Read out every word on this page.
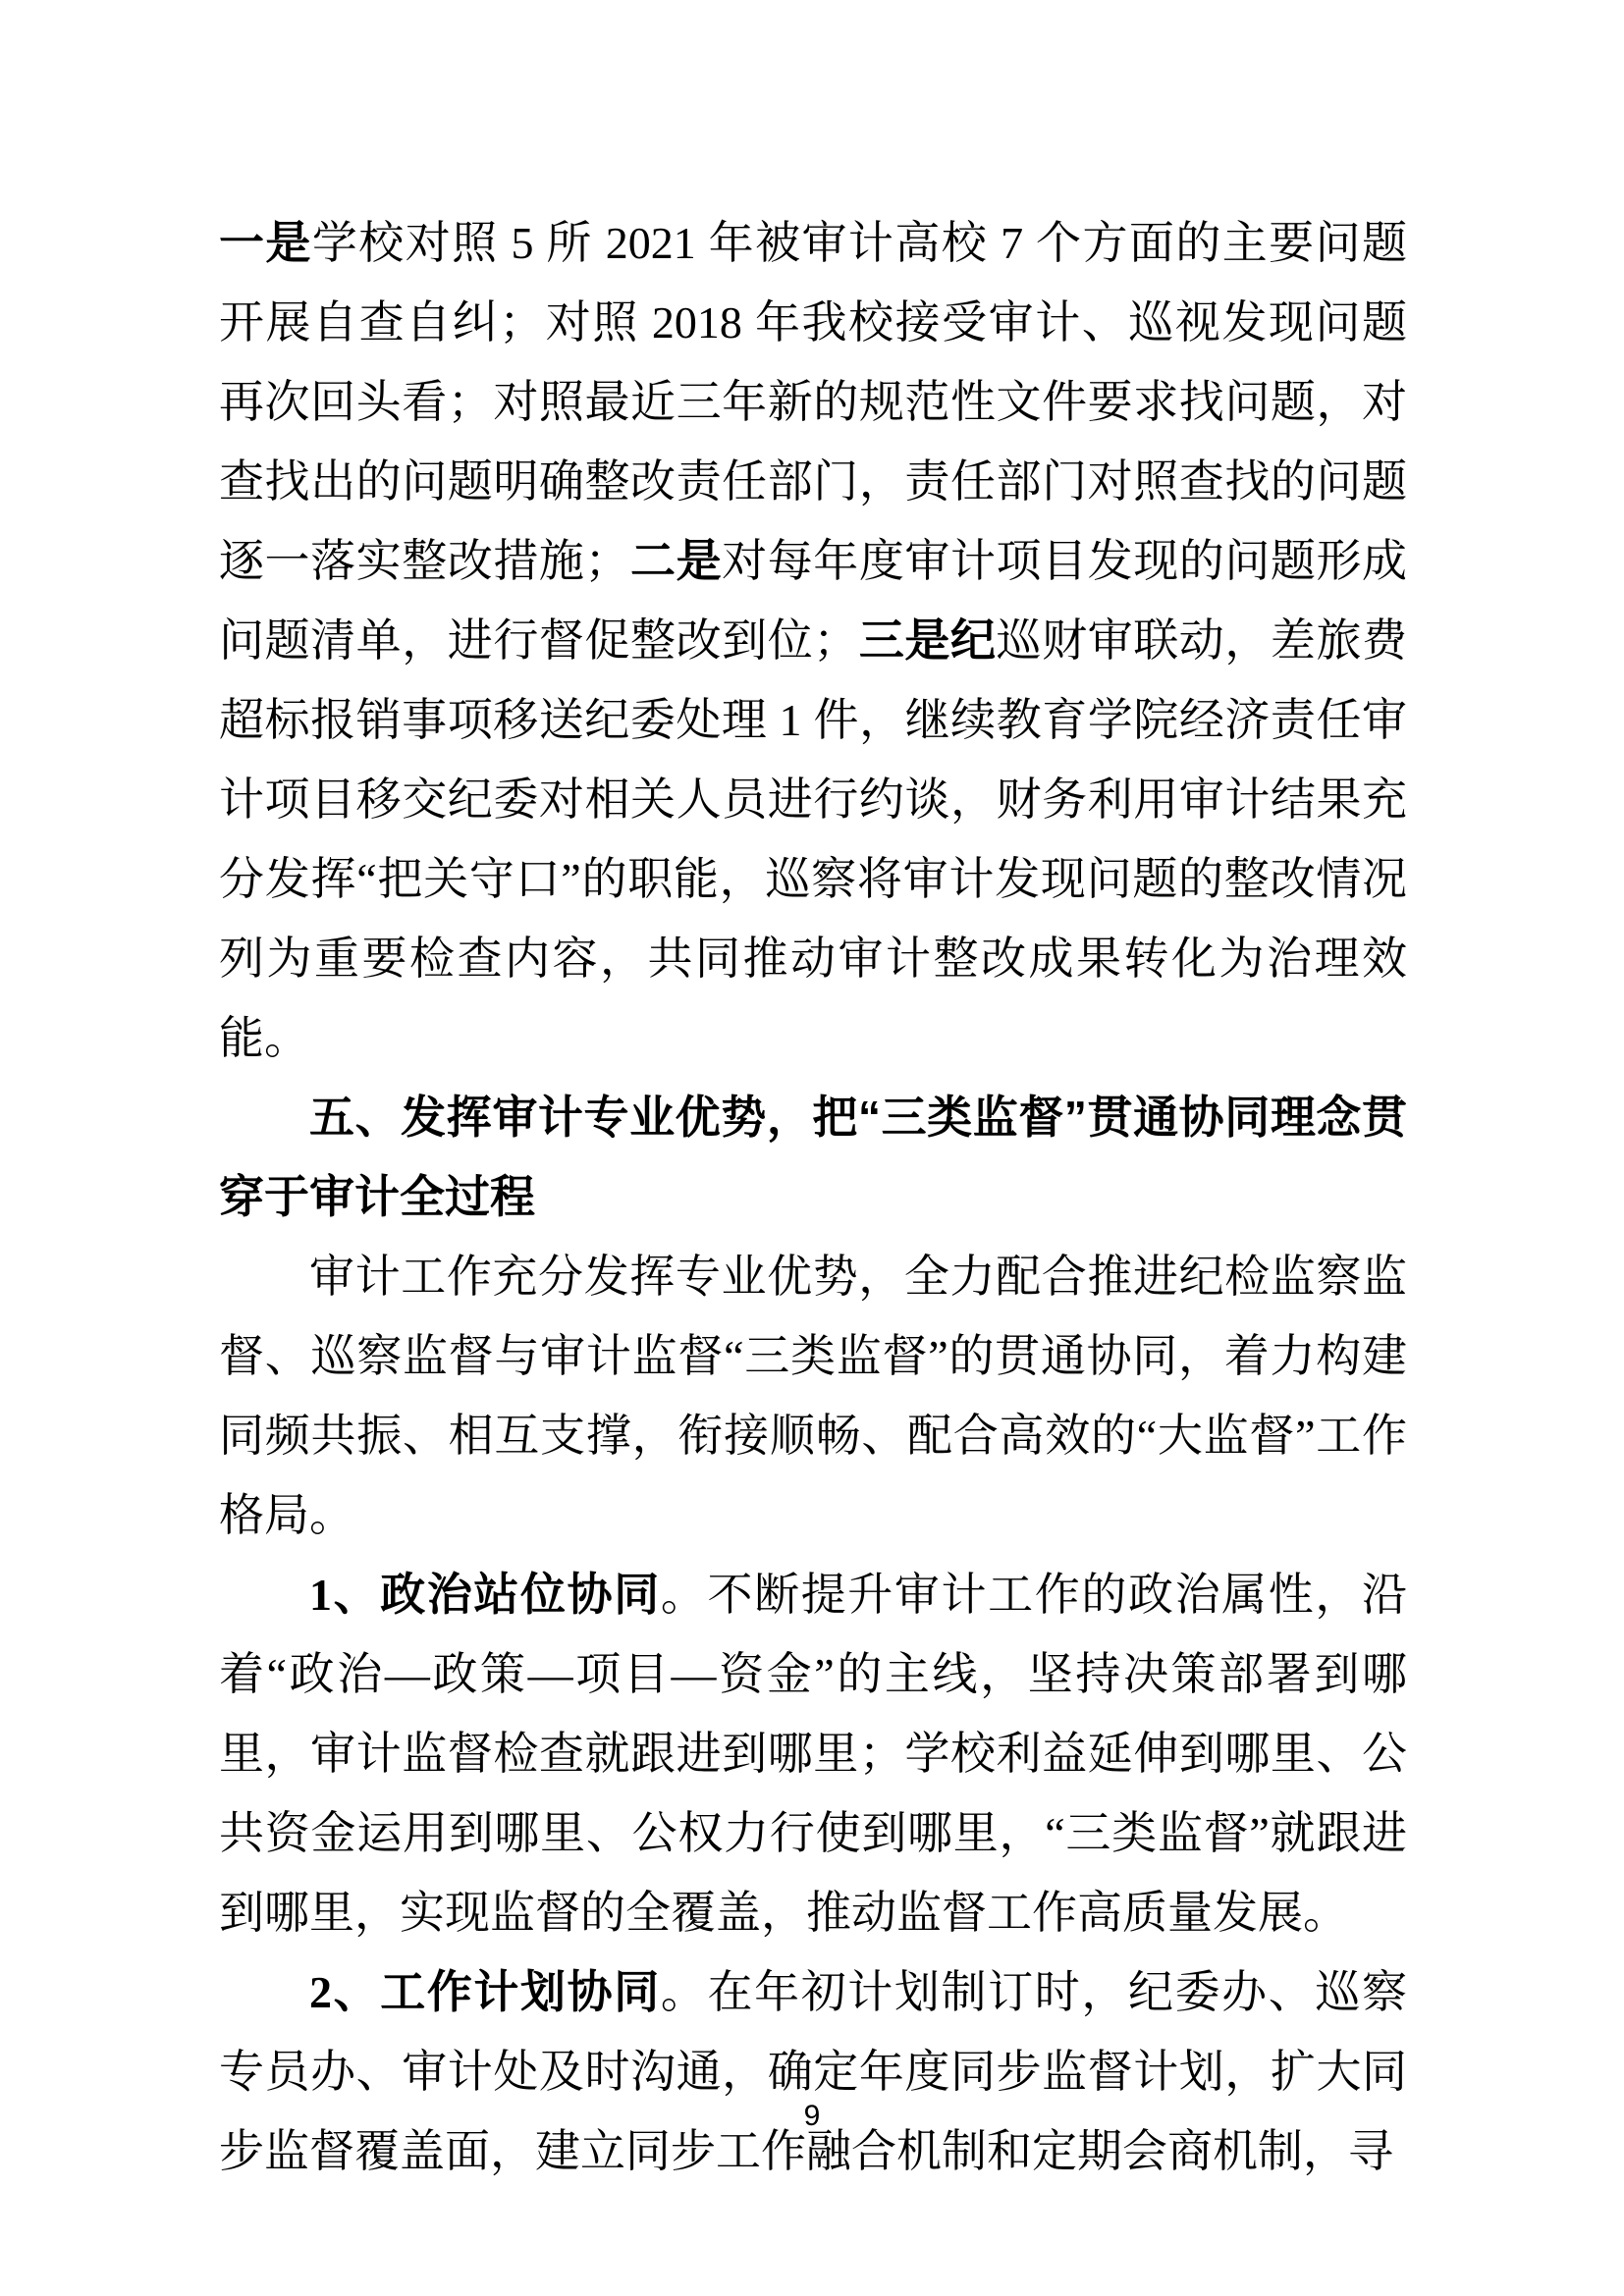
一是学校对照 5 所 2021 年被审计高校 7 个方面的主要问题开展自查自纠；对照 2018 年我校接受审计、巡视发现问题再次回头看；对照最近三年新的规范性文件要求找问题，对查找出的问题明确整改责任部门，责任部门对照查找的问题逐一落实整改措施；二是对每年度审计项目发现的问题形成问题清单，进行督促整改到位；三是纪巡财审联动，差旅费超标报销事项移送纪委处理 1 件，继续教育学院经济责任审计项目移交纪委对相关人员进行约谈，财务利用审计结果充分发挥“把关守口”的职能，巡察将审计发现问题的整改情况列为重要检查内容，共同推动审计整改成果转化为治理效能。

五、发挥审计专业优势，把“三类监督”贯通协同理念贯穿于审计全过程

审计工作充分发挥专业优势，全力配合推进纪检监察监督、巡察监督与审计监督“三类监督”的贯通协同，着力构建同频共振、相互支撑，衔接顺畅、配合高效的“大监督”工作格局。

1、政治站位协同。不断提升审计工作的政治属性，沿着“政治—政策—项目—资金”的主线，坚持决策部署到哪里，审计监督检查就跟进到哪里；学校利益延伸到哪里、公共资金运用到哪里、公权力行使到哪里，“三类监督”就跟进到哪里，实现监督的全覆盖，推动监督工作高质量发展。

2、工作计划协同。在年初计划制订时，纪委办、巡察专员办、审计处及时沟通，确定年度同步监督计划，扩大同步监督覆盖面，建立同步工作融合机制和定期会商机制，寻

9
